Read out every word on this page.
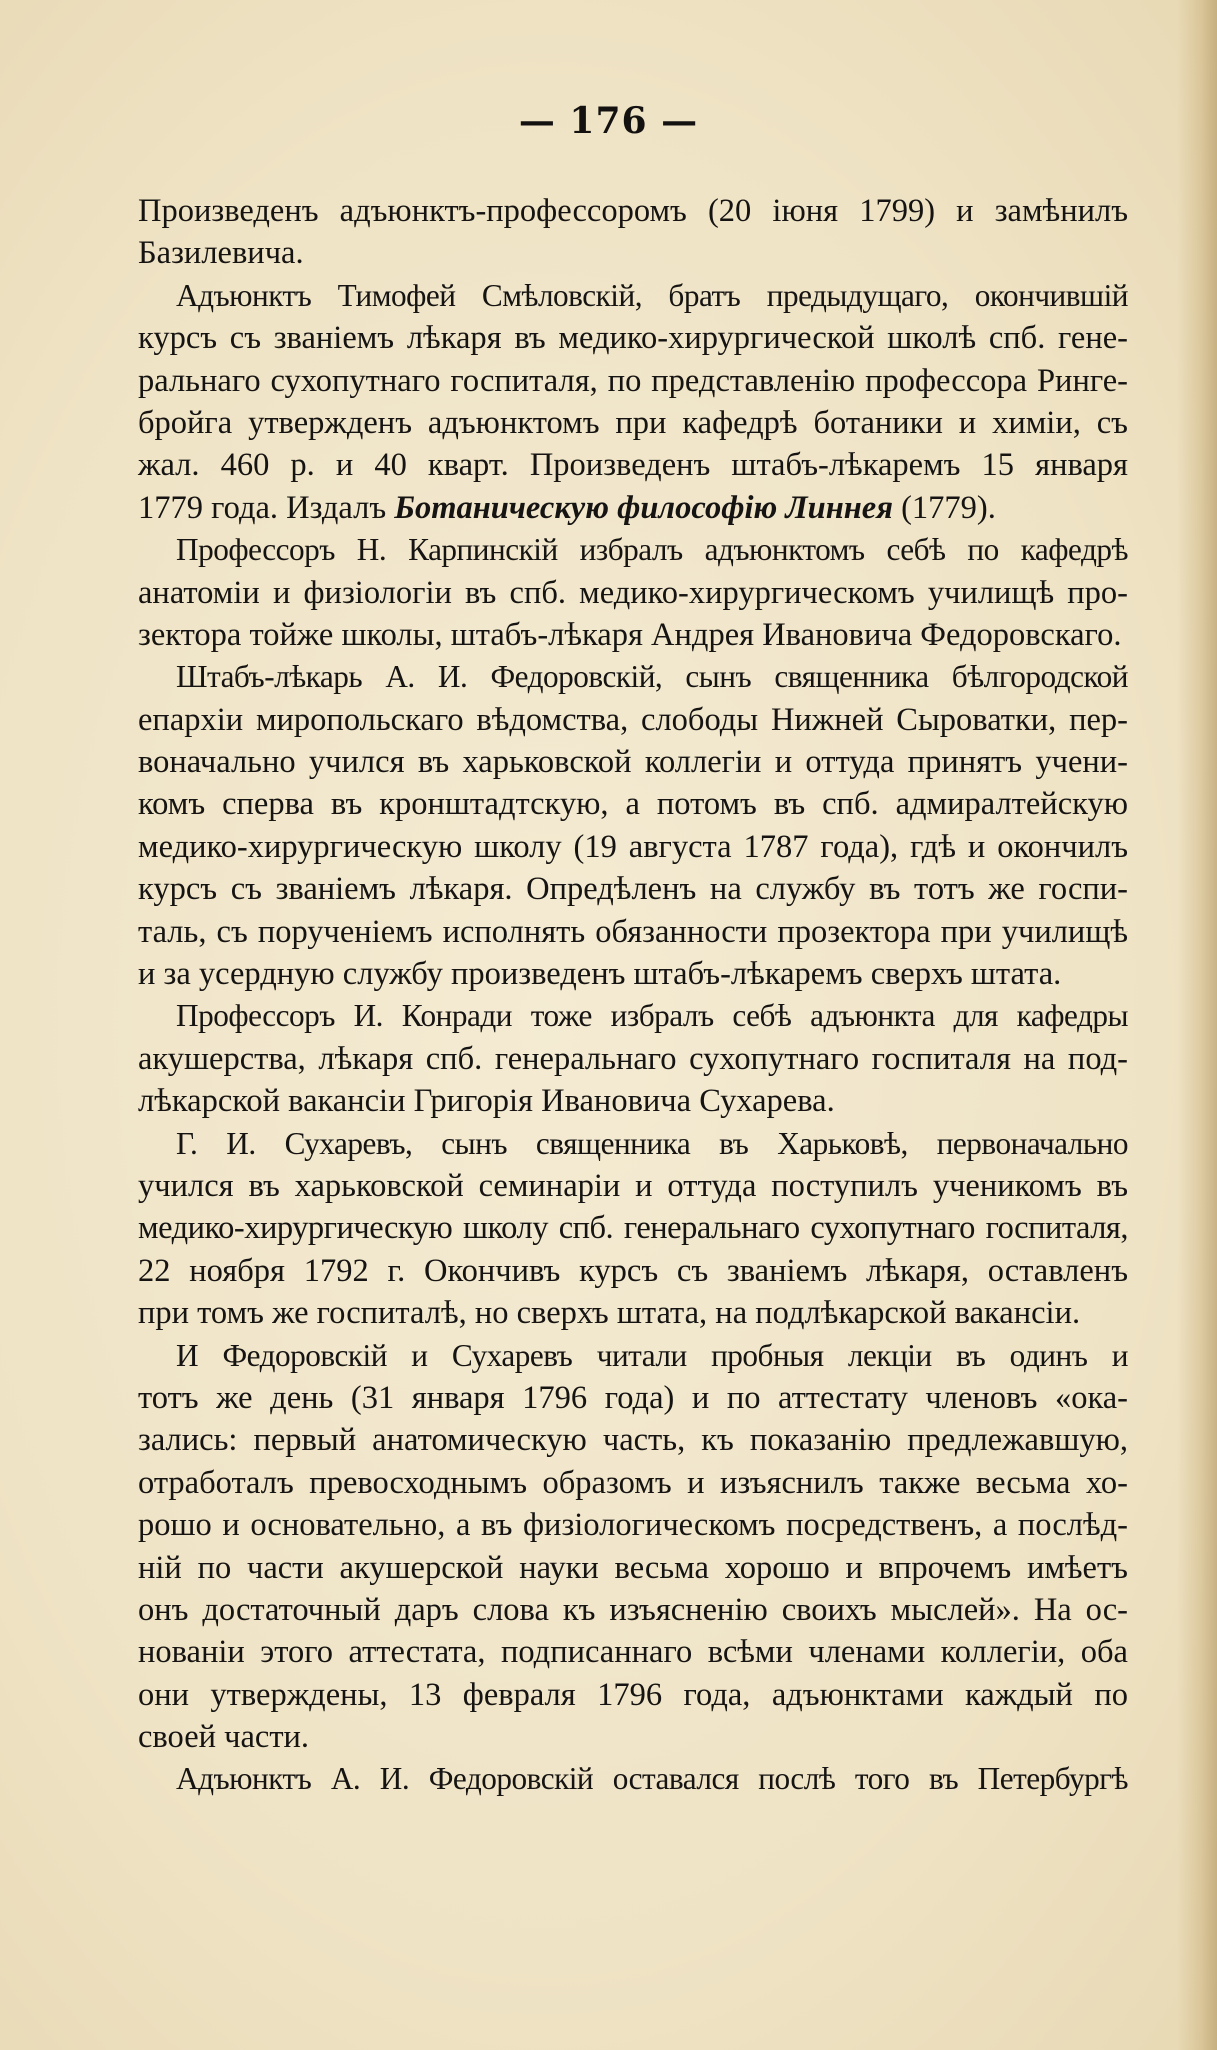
— 176 —
Произведенъ адъюнктъ-профессоромъ (20 іюня 1799) и замѣнилъ
Базилевича.
Адъюнктъ Тимофей Смѣловскій, братъ предыдущаго, окончившій
курсъ съ званіемъ лѣкаря въ медико-хирургической школѣ спб. гене-
ральнаго сухопутнаго госпиталя, по представленію профессора Ринге-
бройга утвержденъ адъюнктомъ при кафедрѣ ботаники и химіи, съ
жал. 460 р. и 40 кварт. Произведенъ штабъ-лѣкаремъ 15 января
1779 года. Издалъ Ботаническую философію Линнея (1779).
Профессоръ Н. Карпинскій избралъ адъюнктомъ себѣ по кафедрѣ
анатоміи и физіологіи въ спб. медико-хирургическомъ училищѣ про-
зектора тойже школы, штабъ-лѣкаря Андрея Ивановича Федоровскаго.
Штабъ-лѣкарь А. И. Федоровскій, сынъ священника бѣлгородской
епархіи миропольскаго вѣдомства, слободы Нижней Сыроватки, пер-
воначально учился въ харьковской коллегіи и оттуда принятъ учени-
комъ сперва въ кронштадтскую, а потомъ въ спб. адмиралтейскую
медико-хирургическую школу (19 августа 1787 года), гдѣ и окончилъ
курсъ съ званіемъ лѣкаря. Опредѣленъ на службу въ тотъ же госпи-
таль, съ порученіемъ исполнять обязанности прозектора при училищѣ
и за усердную службу произведенъ штабъ-лѣкаремъ сверхъ штата.
Профессоръ И. Конради тоже избралъ себѣ адъюнкта для кафедры
акушерства, лѣкаря спб. генеральнаго сухопутнаго госпиталя на под-
лѣкарской вакансіи Григорія Ивановича Сухарева.
Г. И. Сухаревъ, сынъ священника въ Харьковѣ, первоначально
учился въ харьковской семинаріи и оттуда поступилъ ученикомъ въ
медико-хирургическую школу спб. генеральнаго сухопутнаго госпиталя,
22 ноября 1792 г. Окончивъ курсъ съ званіемъ лѣкаря, оставленъ
при томъ же госпиталѣ, но сверхъ штата, на подлѣкарской вакансіи.
И Федоровскій и Сухаревъ читали пробныя лекціи въ одинъ и
тотъ же день (31 января 1796 года) и по аттестату членовъ «ока-
зались: первый анатомическую часть, къ показанію предлежавшую,
отработалъ превосходнымъ образомъ и изъяснилъ также весьма хо-
рошо и основательно, а въ физіологическомъ посредственъ, а послѣд-
ній по части акушерской науки весьма хорошо и впрочемъ имѣетъ
онъ достаточный даръ слова къ изъясненію своихъ мыслей». На ос-
нованіи этого аттестата, подписаннаго всѣми членами коллегіи, оба
они утверждены, 13 февраля 1796 года, адъюнктами каждый по
своей части.
Адъюнктъ А. И. Федоровскій оставался послѣ того въ Петербургѣ
